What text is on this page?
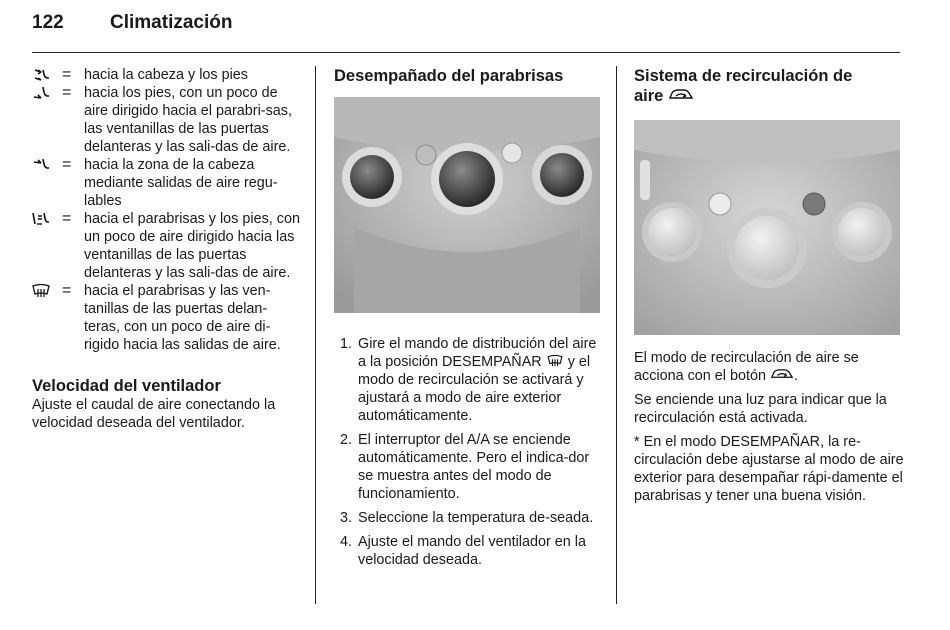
122 Climatización
= hacia la cabeza y los pies

= hacia los pies, con un poco de aire dirigido hacia el parabri-sas, las ventanillas de las puertas delanteras y las sali-das de aire.

= hacia la zona de la cabeza mediante salidas de aire regu-lables

= hacia el parabrisas y los pies, con un poco de aire dirigido hacia las ventanillas de las puertas delanteras y las sali-das de aire.

= hacia el parabrisas y las ven-tanillas de las puertas delan-teras, con un poco de aire di-rigido hacia las salidas de aire.

Velocidad del ventilador

Ajuste el caudal de aire conectando la velocidad deseada del ventilador.

Desempañado del parabrisas
1. Gire el mando de distribución del aire a la posición DESEMPAÑAR y el modo de recirculación se activará y ajustará a modo de aire exterior automáticamente.
2. El interruptor del A/A se enciende automáticamente. Pero el indica-dor se muestra antes del modo de funcionamiento.
3. Seleccione la temperatura de-seada.
4. Ajuste el mando del ventilador en la velocidad deseada.
Sistema de recirculación de
aire

El modo de recirculación de aire se acciona con el botón .

Se enciende una luz para indicar que la recirculación está activada.

* En el modo DESEMPAÑAR, la re-circulación debe ajustarse al modo de aire exterior para desempañar rápi-damente el parabrisas y tener una buena visión.
